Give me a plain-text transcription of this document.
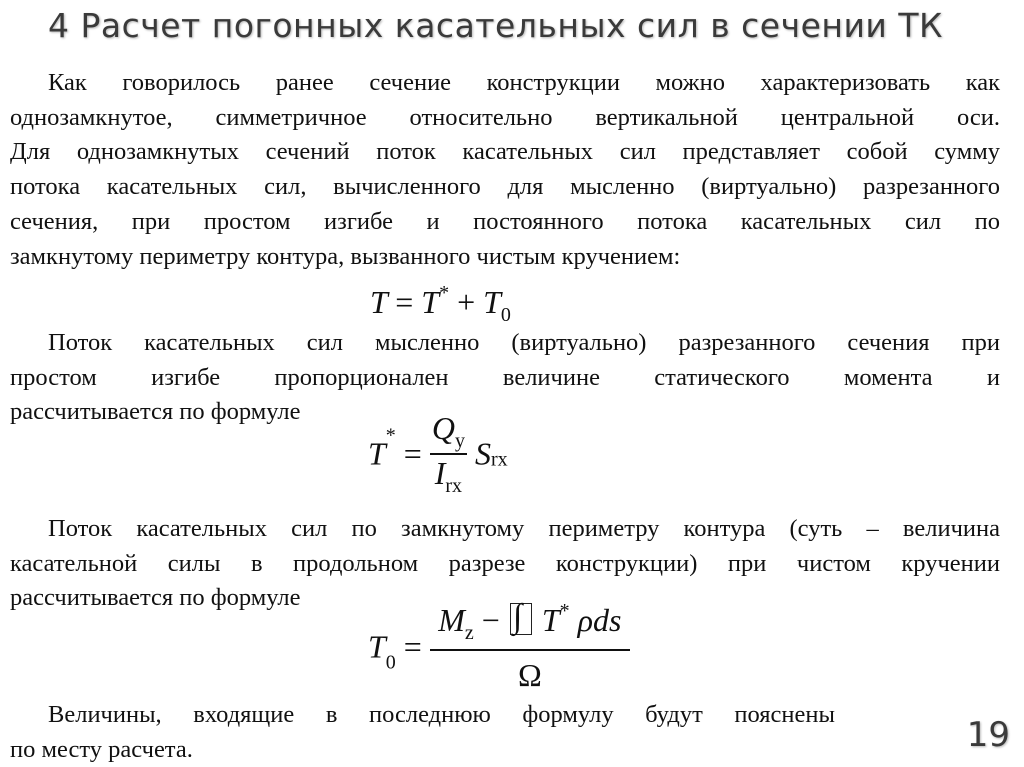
4 Расчет погонных касательных сил в сечении ТК
Как говорилось ранее сечение конструкции можно характеризовать как
однозамкнутое, симметричное относительно вертикальной центральной оси.
Для однозамкнутых сечений поток касательных сил представляет собой сумму
потока касательных сил, вычисленного для мысленно (виртуально) разрезанного
сечения, при простом изгибе и постоянного потока касательных сил по
замкнутому периметру контура, вызванного чистым кручением:
$T = T^* + T_0$
Поток касательных сил мысленно (виртуально) разрезанного сечения при
простом изгибе пропорционален величине статического момента и
рассчитывается по формуле
$T^* = \frac{Q_y}{I_{rx}} S_{rx}$
Поток касательных сил по замкнутому периметру контура (суть – величина
касательной силы в продольном разрезе конструкции) при чистом кручении
рассчитывается по формуле
$T_0 = \frac{M_z - \int T^* \rho ds}{\Omega}$
Величины, входящие в последнюю формулу будут пояснены
по месту расчета.	19
